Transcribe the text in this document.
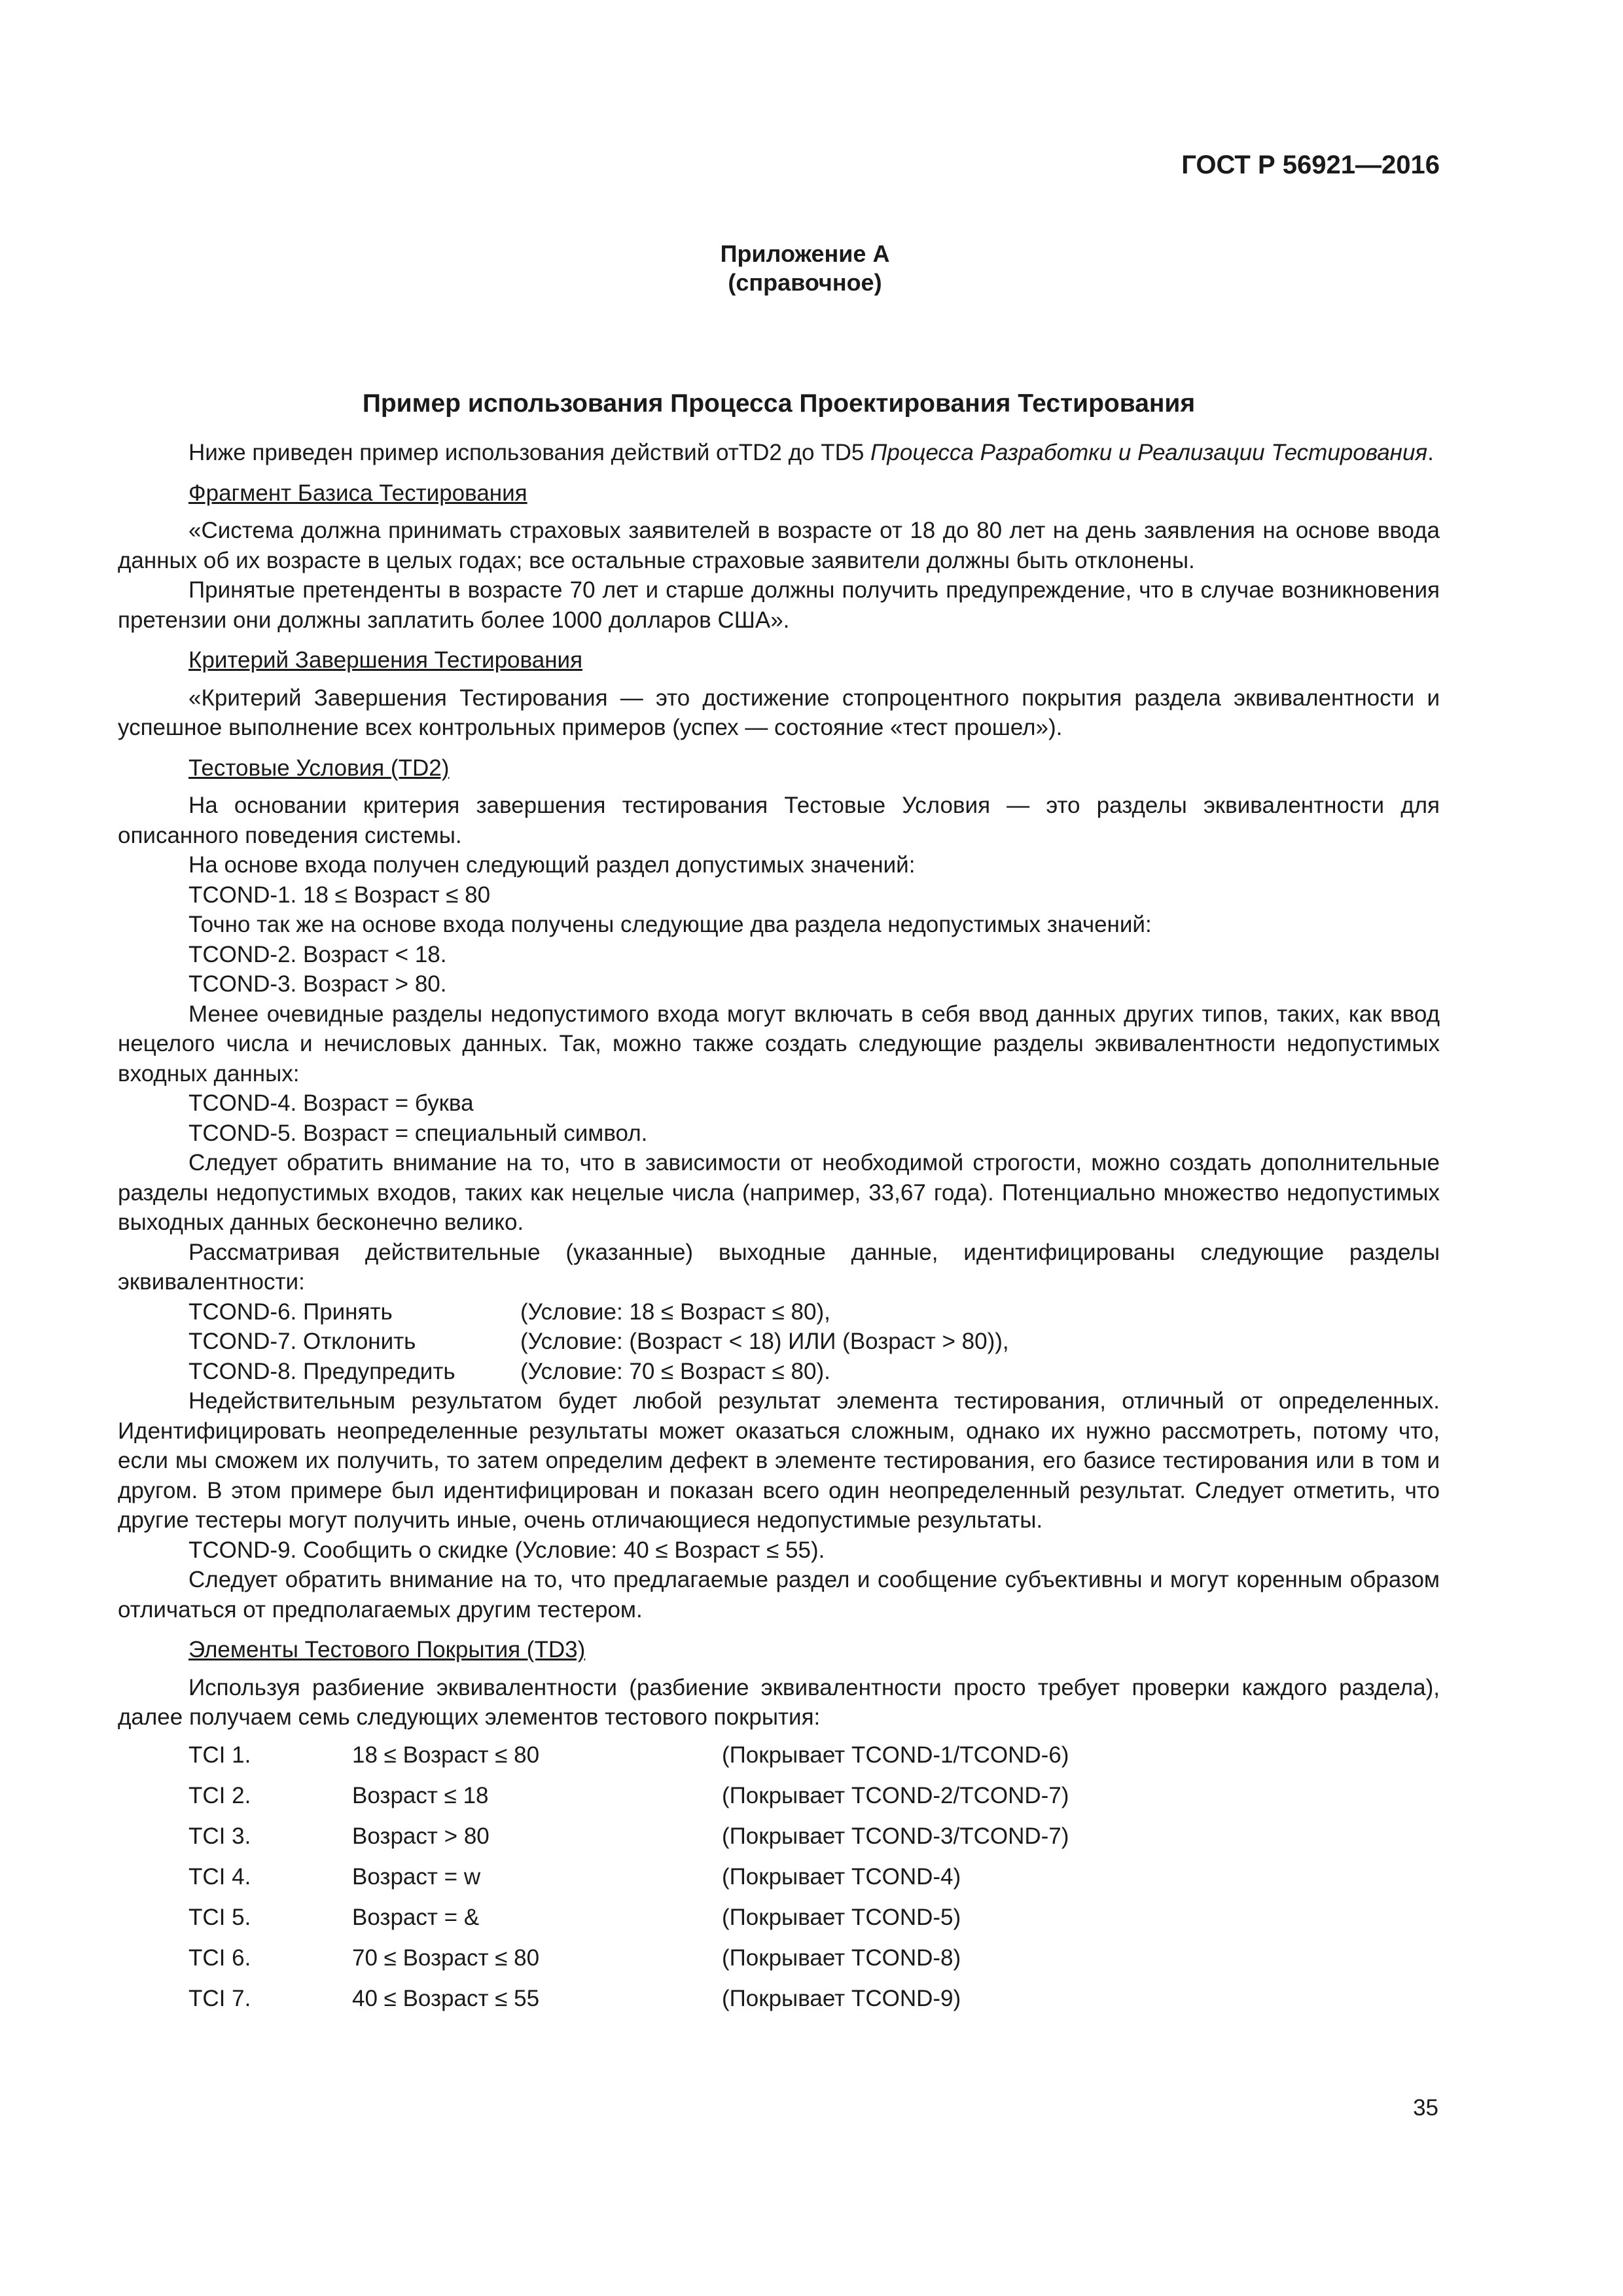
ГОСТ Р 56921—2016
Приложение А
(справочное)
Пример использования Процесса Проектирования Тестирования

Ниже приведен пример использования действий отTD2 до TD5 Процесса Разработки и Реализации Тестирования.

Фрагмент Базиса Тестирования

«Система должна принимать страховых заявителей в возрасте от 18 до 80 лет на день заявления на основе ввода данных об их возрасте в целых годах; все остальные страховые заявители должны быть отклонены.

Принятые претенденты в возрасте 70 лет и старше должны получить предупреждение, что в случае возникновения претензии они должны заплатить более 1000 долларов США».

Критерий Завершения Тестирования

«Критерий Завершения Тестирования — это достижение стопроцентного покрытия раздела эквивалентности и успешное выполнение всех контрольных примеров (успех — состояние «тест прошел»).

Тестовые Условия (TD2)

На основании критерия завершения тестирования Тестовые Условия — это разделы эквивалентности для описанного поведения системы.

На основе входа получен следующий раздел допустимых значений:

TCOND-1. 18 ≤ Возраст ≤ 80

Точно так же на основе входа получены следующие два раздела недопустимых значений:

TCOND-2. Возраст < 18.

TCOND-3. Возраст > 80.

Менее очевидные разделы недопустимого входа могут включать в себя ввод данных других типов, таких, как ввод нецелого числа и нечисловых данных. Так, можно также создать следующие разделы эквивалентности недопустимых входных данных:

TCOND-4. Возраст = буква

TCOND-5. Возраст = специальный символ.

Следует обратить внимание на то, что в зависимости от необходимой строгости, можно создать дополнительные разделы недопустимых входов, таких как нецелые числа (например, 33,67 года). Потенциально множество недопустимых выходных данных бесконечно велико.

Рассматривая действительные (указанные) выходные данные, идентифицированы следующие разделы эквивалентности:

TCOND-6. Принять	(Условие: 18 ≤ Возраст ≤ 80),
TCOND-7. Отклонить	(Условие: (Возраст < 18) ИЛИ (Возраст > 80)),
TCOND-8. Предупредить	(Условие: 70 ≤ Возраст ≤ 80).

Недействительным результатом будет любой результат элемента тестирования, отличный от определенных. Идентифицировать неопределенные результаты может оказаться сложным, однако их нужно рассмотреть, потому что, если мы сможем их получить, то затем определим дефект в элементе тестирования, его базисе тестирования или в том и другом. В этом примере был идентифицирован и показан всего один неопределенный результат. Следует отметить, что другие тестеры могут получить иные, очень отличающиеся недопустимые результаты.

TCOND-9. Сообщить о скидке (Условие: 40 ≤ Возраст ≤ 55).

Следует обратить внимание на то, что предлагаемые раздел и сообщение субъективны и могут коренным образом отличаться от предполагаемых другим тестером.

Элементы Тестового Покрытия (TD3)

Используя разбиение эквивалентности (разбиение эквивалентности просто требует проверки каждого раздела), далее получаем семь следующих элементов тестового покрытия:

TCI 1.	18 ≤ Возраст ≤ 80	(Покрывает TCOND-1/TCOND-6)
TCI 2.	Возраст ≤ 18	(Покрывает TCOND-2/TCOND-7)
TCI 3.	Возраст > 80	(Покрывает TCOND-3/TCOND-7)
TCI 4.	Возраст = w	(Покрывает TCOND-4)
TCI 5.	Возраст = &	(Покрывает TCOND-5)
TCI 6.	70 ≤ Возраст ≤ 80	(Покрывает TCOND-8)
TCI 7.	40 ≤ Возраст ≤ 55	(Покрывает TCOND-9)
35
